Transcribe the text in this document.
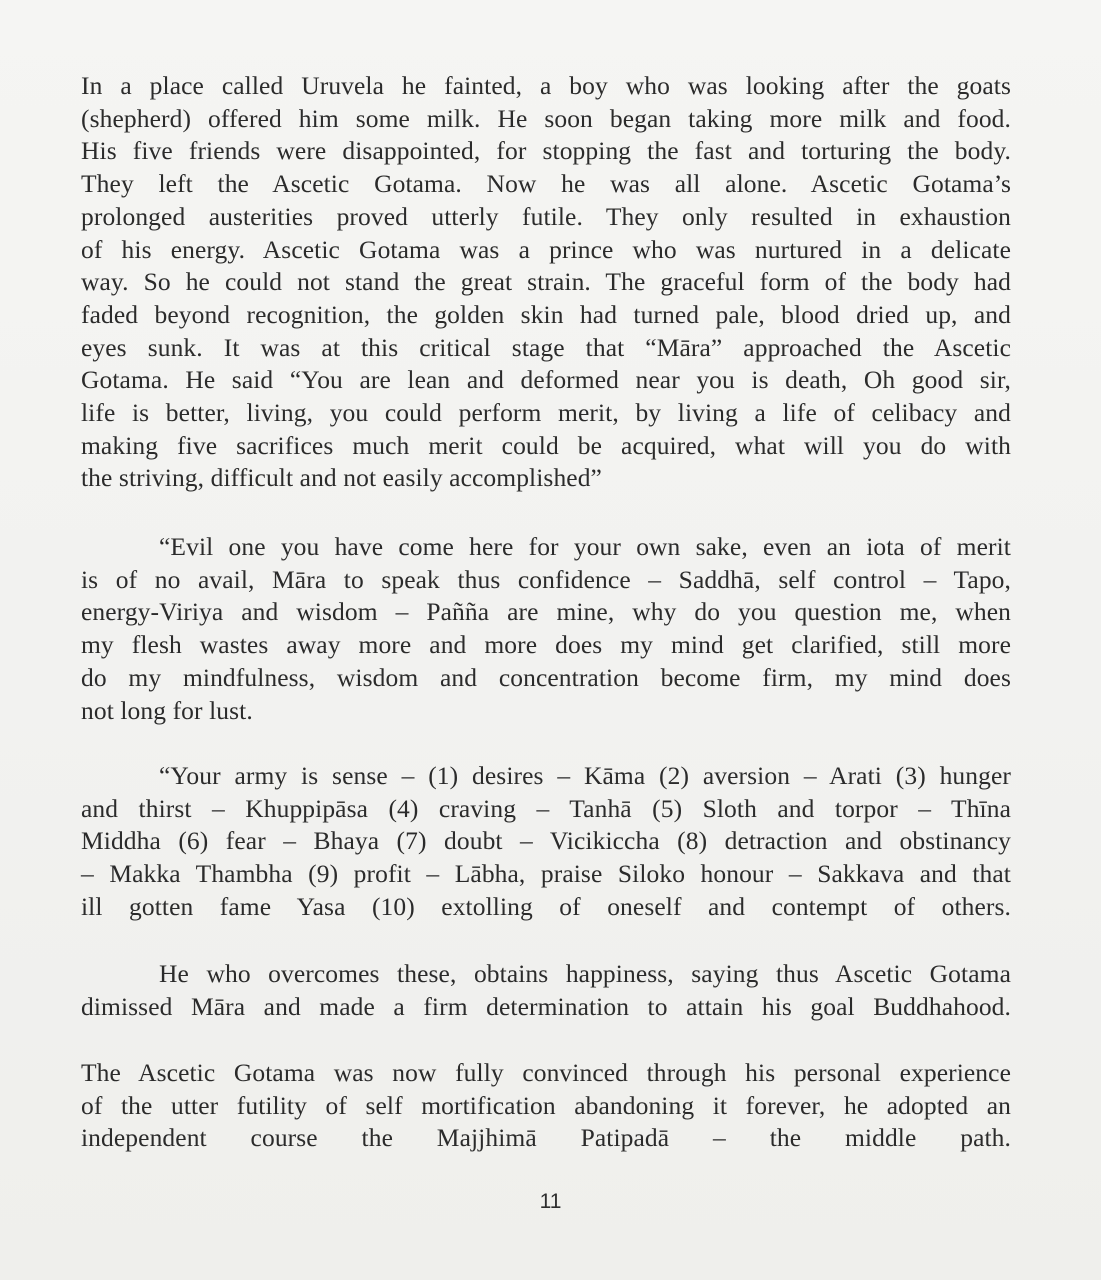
In a place called Uruvela he fainted, a boy who was looking after the goats
(shepherd) offered him some milk. He soon began taking more milk and food.
His five friends were disappointed, for stopping the fast and torturing the body.
They left the Ascetic Gotama. Now he was all alone. Ascetic Gotama’s
prolonged austerities proved utterly futile. They only resulted in exhaustion
of his energy. Ascetic Gotama was a prince who was nurtured in a delicate
way. So he could not stand the great strain. The graceful form of the body had
faded beyond recognition, the golden skin had turned pale, blood dried up, and
eyes sunk. It was at this critical stage that “Māra” approached the Ascetic
Gotama. He said “You are lean and deformed near you is death, Oh good sir,
life is better, living, you could perform merit, by living a life of celibacy and
making five sacrifices much merit could be acquired, what will you do with
the striving, difficult and not easily accomplished”
“Evil one you have come here for your own sake, even an iota of merit
is of no avail, Māra to speak thus confidence – Saddhā, self control – Tapo,
energy-Viriya and wisdom – Pañña are mine, why do you question me, when
my flesh wastes away more and more does my mind get clarified, still more
do my mindfulness, wisdom and concentration become firm, my mind does
not long for lust.
“Your army is sense – (1) desires – Kāma (2) aversion – Arati (3) hunger
and thirst – Khuppipāsa (4) craving – Tanhā (5) Sloth and torpor – Thīna
Middha (6) fear – Bhaya (7) doubt – Vicikiccha (8) detraction and obstinancy
– Makka Thambha (9) profit – Lābha, praise Siloko honour – Sakkava and that
ill gotten fame Yasa (10) extolling of oneself and contempt of others.
He who overcomes these, obtains happiness, saying thus Ascetic Gotama
dimissed Māra and made a firm determination to attain his goal Buddhahood.
The Ascetic Gotama was now fully convinced through his personal experience
of the utter futility of self mortification abandoning it forever, he adopted an
independent course the Majjhimā Patipadā – the middle path.
11
